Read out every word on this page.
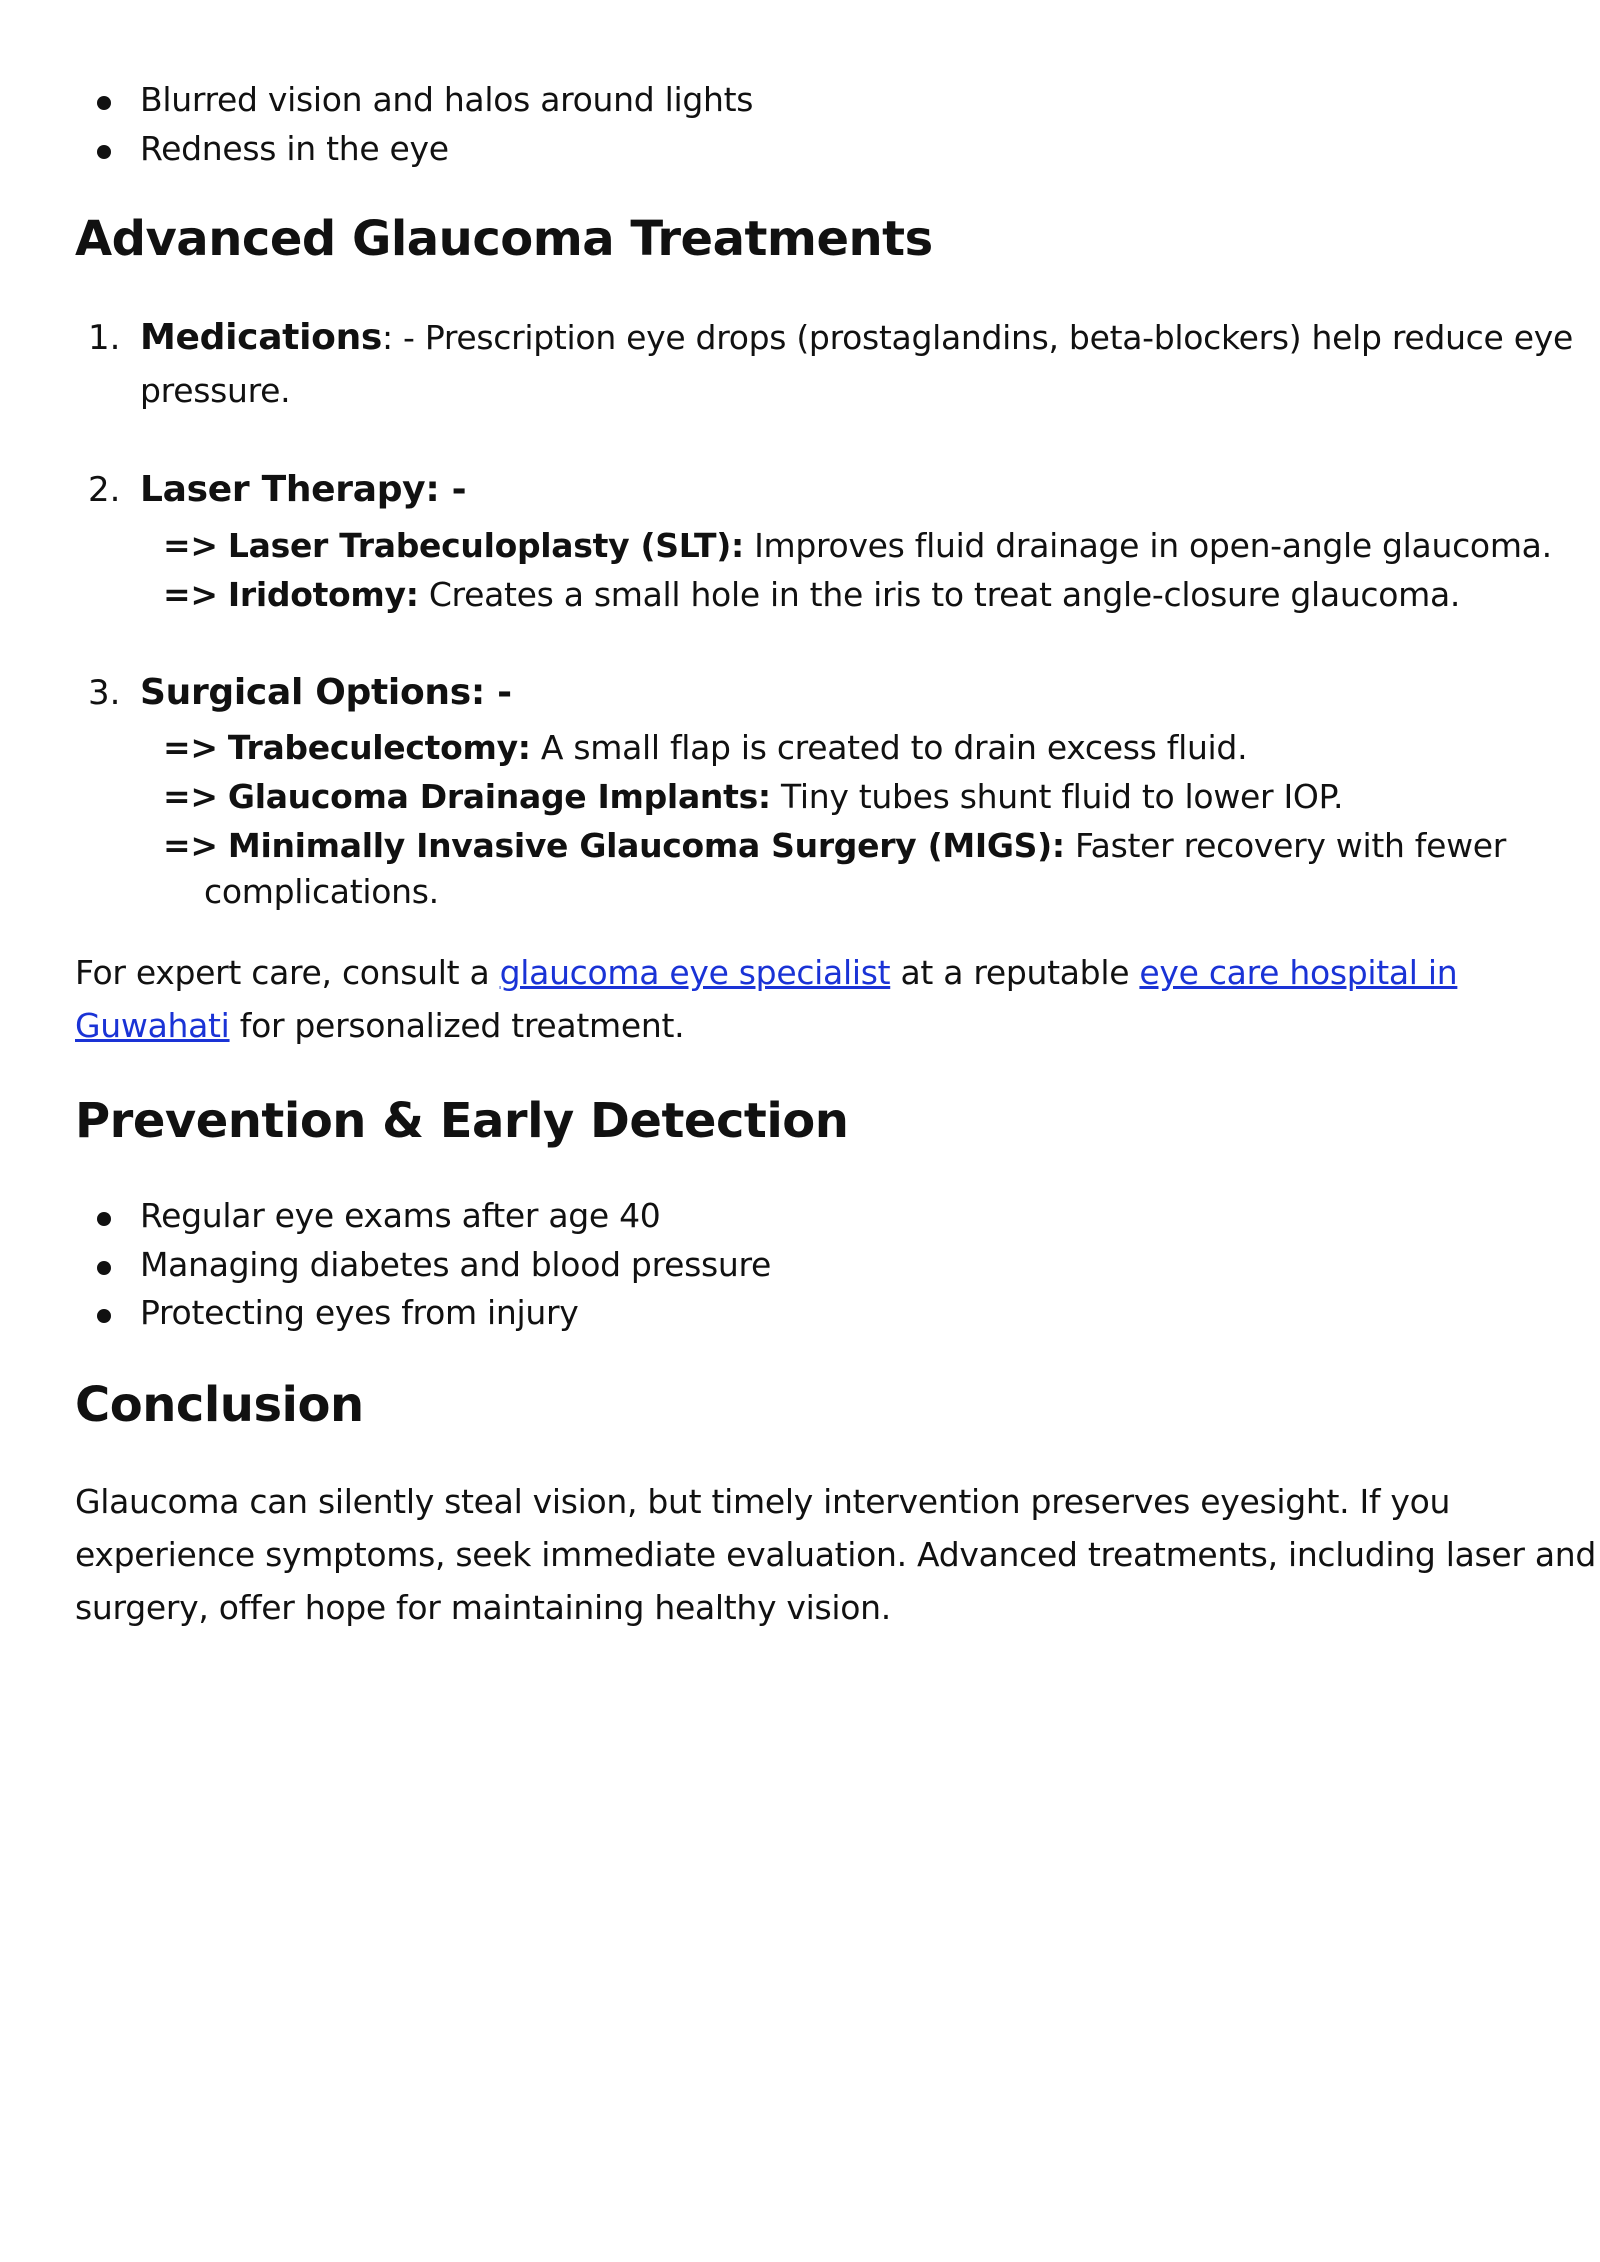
Blurred vision and halos around lights
Redness in the eye
Advanced Glaucoma Treatments
1. Medications: - Prescription eye drops (prostaglandins, beta-blockers) help reduce eye
pressure.
2. Laser Therapy: -
=> Laser Trabeculoplasty (SLT): Improves fluid drainage in open-angle glaucoma.
=> Iridotomy: Creates a small hole in the iris to treat angle-closure glaucoma.
3. Surgical Options: -
=> Trabeculectomy: A small flap is created to drain excess fluid.
=> Glaucoma Drainage Implants: Tiny tubes shunt fluid to lower IOP.
=> Minimally Invasive Glaucoma Surgery (MIGS): Faster recovery with fewer
complications.
For expert care, consult a glaucoma eye specialist at a reputable eye care hospital in
Guwahati for personalized treatment.
Prevention & Early Detection
Regular eye exams after age 40
Managing diabetes and blood pressure
Protecting eyes from injury
Conclusion
Glaucoma can silently steal vision, but timely intervention preserves eyesight. If you
experience symptoms, seek immediate evaluation. Advanced treatments, including laser and
surgery, offer hope for maintaining healthy vision.
